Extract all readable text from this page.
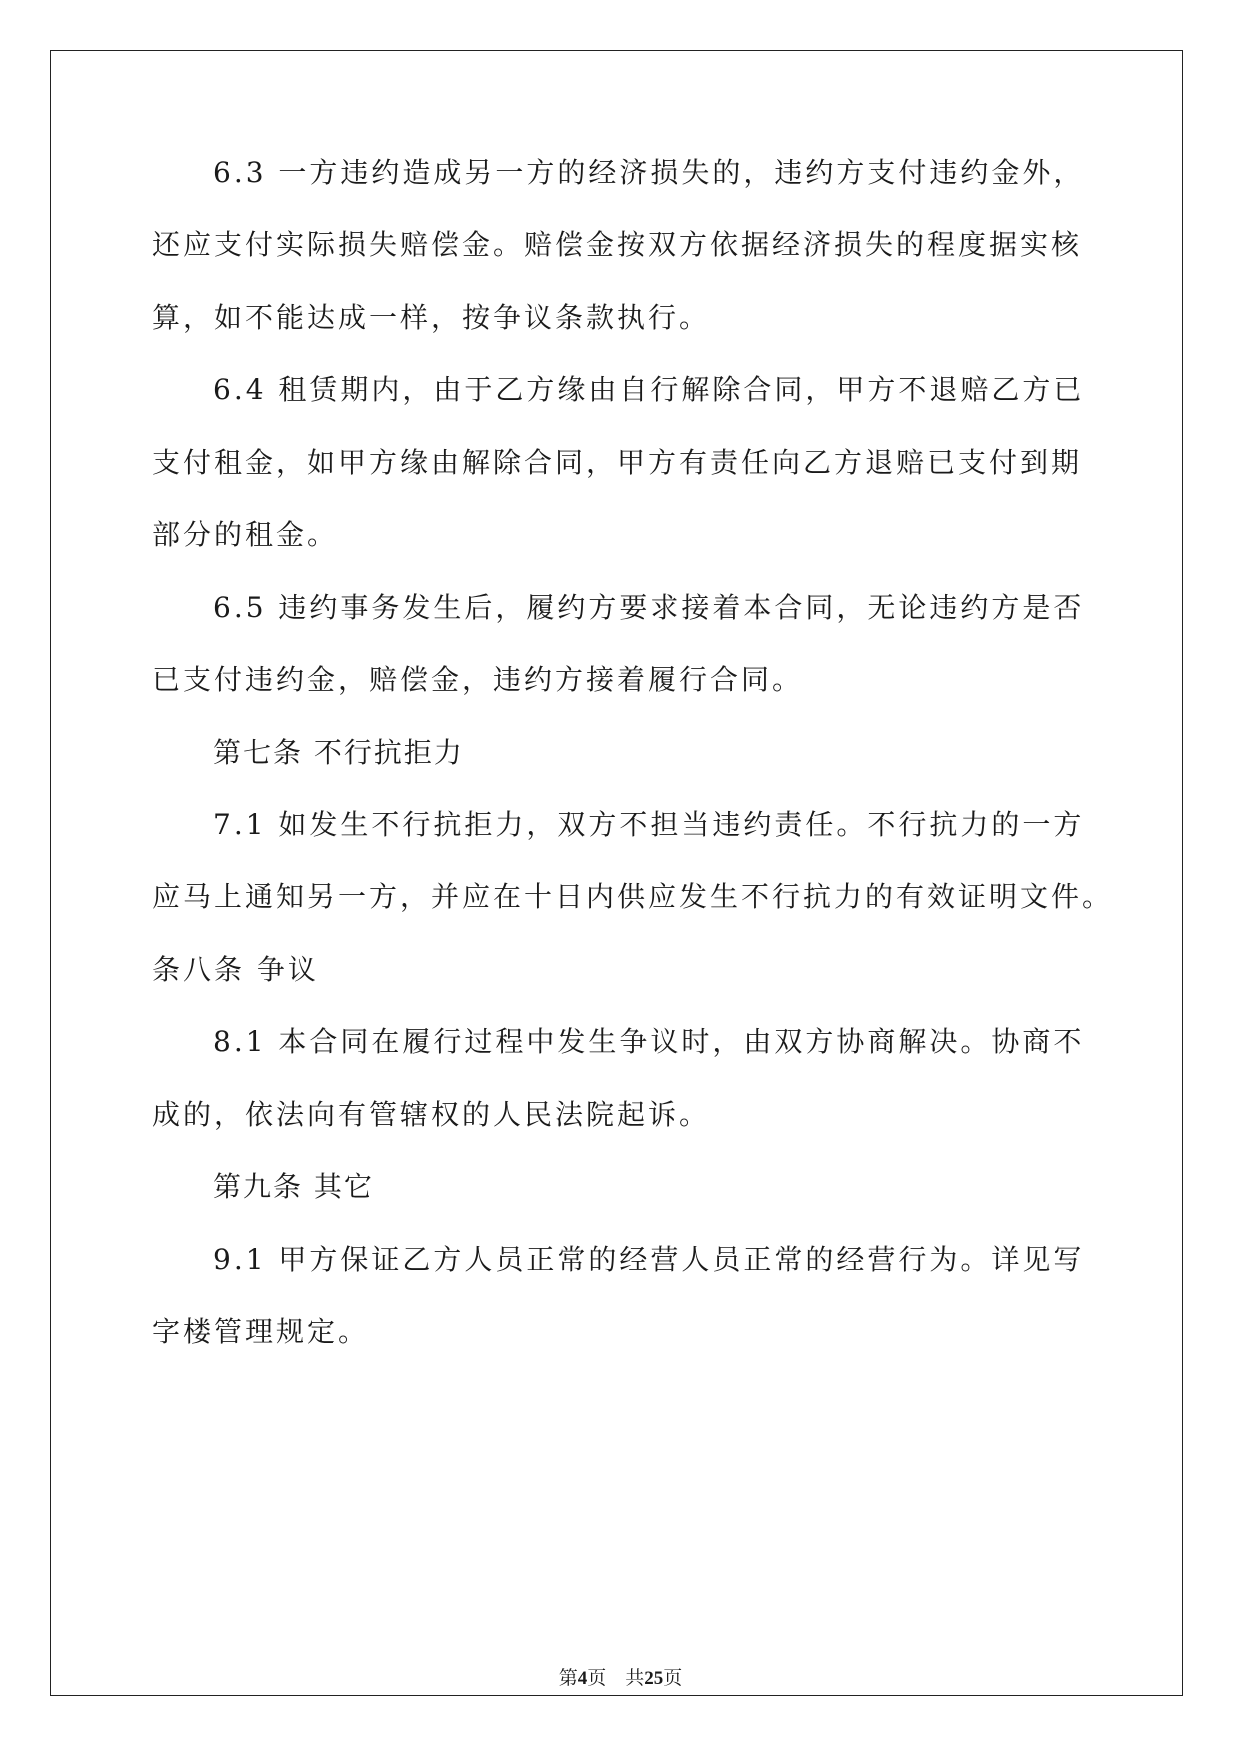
6.3 一方违约造成另一方的经济损失的，违约方支付违约金外，
还应支付实际损失赔偿金。赔偿金按双方依据经济损失的程度据实核
算，如不能达成一样，按争议条款执行。
6.4 租赁期内，由于乙方缘由自行解除合同，甲方不退赔乙方已
支付租金，如甲方缘由解除合同，甲方有责任向乙方退赔已支付到期
部分的租金。
6.5 违约事务发生后，履约方要求接着本合同，无论违约方是否
已支付违约金，赔偿金，违约方接着履行合同。
第七条 不行抗拒力
7.1 如发生不行抗拒力，双方不担当违约责任。不行抗力的一方
应马上通知另一方，并应在十日内供应发生不行抗力的有效证明文件。
条八条 争议
8.1 本合同在履行过程中发生争议时，由双方协商解决。协商不
成的，依法向有管辖权的人民法院起诉。
第九条 其它
9.1 甲方保证乙方人员正常的经营人员正常的经营行为。详见写
字楼管理规定。
第4页 共25页
